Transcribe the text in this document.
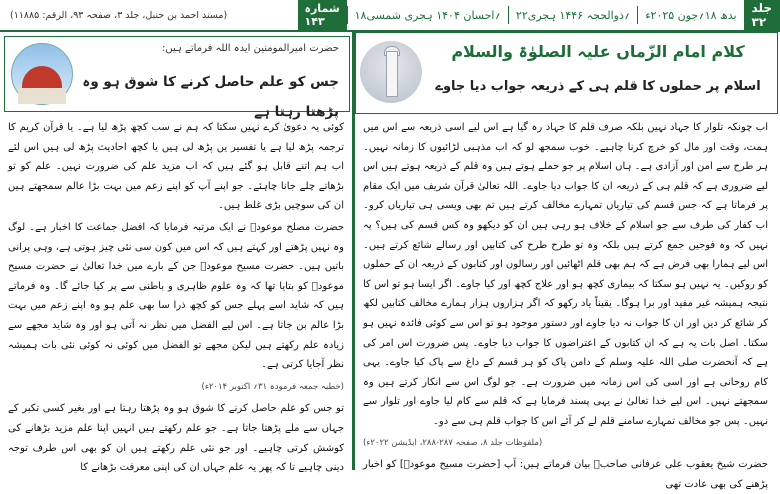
(مسند احمد بن حنبل، جلد ۳، صفحہ ۹۳، الرقم: ۱۱۸۸۵)	جلد ۳۲
بدھ ۱۸؍جون ۲۰۲۵ء
۲۲؍ذوالحجہ ۱۴۴۶ ہجری
۱۸؍احسان ۱۴۰۴ ہجری شمسی
شمارہ ۱۴۳
کلام امام الزّماں علیہ الصلوٰۃ والسلام
اسلام پر حملوں کا قلم ہی کے ذریعہ جواب دیا جاوے

اب چونکہ تلوار کا جہاد نہیں بلکہ صرف قلم کا جہاد رہ گیا ہے اس لیے اسی ذریعہ سے اس میں ہمت، وقت اور مال کو خرچ کرنا چاہیے۔ خوب سمجھ لو کہ اب مذہبی لڑائیوں کا زمانہ نہیں۔ ہر طرح سے امن اور آزادی ہے۔ ہاں اسلام پر جو حملے ہوتے ہیں وہ قلم کے ذریعہ ہوتے ہیں اس لیے ضروری ہے کہ قلم ہی کے ذریعہ ان کا جواب دیا جاوے۔ اللہ تعالیٰ قرآن شریف میں ایک مقام پر فرماتا ہے کہ جس قسم کی تیاریاں تمہارے مخالف کرتے ہیں تم بھی ویسی ہی تیاریاں کرو۔ اب کفار کی طرف سے جو اسلام کے خلاف ہو رہی ہیں ان کو دیکھو وہ کس قسم کی ہیں؟ یہ نہیں کہ وہ فوجیں جمع کرتے ہیں بلکہ وہ تو طرح طرح کی کتابیں اور رسالے شائع کرتے ہیں۔ اس لیے ہمارا بھی فرض ہے کہ ہم بھی قلم اٹھائیں اور رسالوں اور کتابوں کے ذریعہ ان کے حملوں کو روکیں۔ یہ نہیں ہو سکتا کہ بیماری کچھ ہو اور علاج کچھ اور کیا جاوے۔ اگر ایسا ہو تو اس کا نتیجہ ہمیشہ غیر مفید اور برا ہوگا۔ یقیناً یاد رکھو کہ اگر ہزاروں ہزار ہمارے مخالف کتابیں لکھ کر شائع کر دیں اور ان کا جواب نہ دیا جاوے اور دستور موجود ہو تو اس سے کوئی فائدہ نہیں ہو سکتا۔ اصل بات یہ ہے کہ ان کتابوں کے اعتراضوں کا جواب دیا جاوے۔ پس ضرورت اس امر کی ہے کہ آنحضرت صلی اللہ علیہ وسلم کے دامن پاک کو ہر قسم کے داغ سے پاک کیا جاوے۔ یہی کام روحانی ہے اور اسی کی اس زمانہ میں ضرورت ہے۔ جو لوگ اس سے انکار کرتے ہیں وہ سمجھتے نہیں۔ اس لیے خدا تعالیٰ نے یہی پسند فرمایا ہے کہ قلم سے کام لیا جاوے اور تلوار سے نہیں۔ پس جو مخالف تمہارے سامنے قلم لے کر آئے اس کا جواب قلم ہی سے دو۔

(ملفوظات جلد ۸، صفحہ ۲۸۷-۲۸۸، ایڈیشن ۲۰۲۲ء)

حضرت شیخ یعقوب علی عرفانی صاحبؓ بیان فرماتے ہیں: آپ [حضرت مسیح موعودؑ] کو اخبار پڑھنے کی بھی عادت تھی

حضرت امیرالمومنین ایدہ اللہ فرماتے ہیں:
جس کو علم حاصل کرنے کا شوق ہو وہ پڑھتا رہتا ہے

کوئی یہ دعویٰ کرے نہیں سکتا کہ ہم نے سب کچھ پڑھ لیا ہے۔ یا قرآن کریم کا ترجمہ پڑھ لیا ہے یا تفسیر یں پڑھ لی ہیں یا کچھ احادیث پڑھ لی ہیں اس لئے اب ہم اتنے قابل ہو گئے ہیں کہ اب مزید علم کی ضرورت نہیں۔ علم کو تو بڑھاتے چلے جانا چاہئے۔ جو اپنے آپ کو اپنے زعم میں بہت بڑا عالم سمجھتے ہیں ان کی سوچیں بڑی غلط ہیں۔

حضرت مصلح موعودؓ نے ایک مرتبہ فرمایا کہ افضل جماعت کا اخبار ہے۔ لوگ وہ نہیں پڑھتے اور کہتے ہیں کہ اس میں کون سی نئی چیز ہوتی ہے، وہی پرانی باتیں ہیں۔ حضرت مسیح موعودؑ جن کے بارے میں خدا تعالیٰ نے حضرت مسیح موعودؑ کو بتایا تھا کہ وہ علوم ظاہری و باطنی سے پر کیا جائے گا۔ وہ فرماتے ہیں کہ شاید اسے پہلے جس کو کچھ ذرا سا بھی علم ہو وہ اپنے زعم میں بہت بڑا عالم بن جاتا ہے۔ اس لیے الفضل میں نظر نہ آتی ہو اور وہ شاید مجھے سے زیادہ علم رکھتے ہیں لیکن مجھے تو الفضل میں کوئی نہ کوئی نئی بات ہمیشہ نظر آجایا کرتی ہے۔

(خطبہ جمعہ فرمودہ ۳۱؍ اکتوبر ۲۰۱۴ء)

تو جس کو علم حاصل کرنے کا شوق ہو وہ پڑھتا رہتا ہے اور بغیر کسی تکبر کے جہاں سے ملے پڑھتا جاتا ہے۔ جو علم رکھتے ہیں انہیں اپنا علم مزید بڑھانے کی کوشش کرتی چاہیے۔ اور جو نئی علم رکھتے ہیں ان کو بھی اس طرف توجہ دینی چاہیے تا کہ پھر یہ علم جہاں ان کی اپنی معرفت بڑھانے کا
